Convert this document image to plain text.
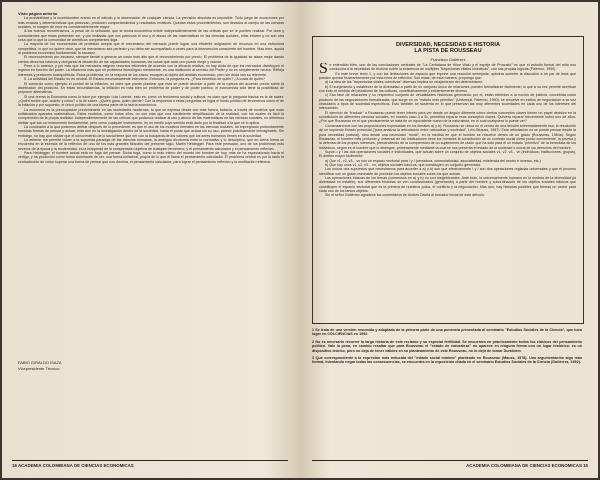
Visto página anterior

La probabilidad y la incertidumbre entran en el cálculo y la observación de cualquier ciencia. La previsión absoluta es imposible. Todo juego de ecuaciones por más exactas y determinísticas que parezcan, producen comportamientos y resultados erráticos. Quedan estos procedimientos, son llevados al campo de las ciencias sociales, el margen de error es considerablemente mayor.

A los buenos recorreríamos, a pesar de lo señalado, que la teoría económica existe independientemente de las críticas que se le pueden realizar. Por dura y contundentes que éstas pretenden ser, y por limitadas que nos parezcan el uso y el abuso de las matemáticas en las ciencias sociales, ellas existen y no son otra cosa que lo que la comunidad de científicos competentes diga.

La mayoría de los economistas de profesión acepta que el mecanismo del mercado puede lograr una eficiente asignación de recursos en una estructura competitiva, lo que no quiere decir, que tal mecanismo sea perfecto y no deba ser acompañado a veces para la intervención consciente del hombre. Más bien, ayuda al problema económico fundamental: la escasez.

El reconocimiento por escasez, siempre tiende a generar un costo más alto que el reconocimiento por precio. El problema de la igualdad se ataca mejor dando ciertos derechos básicos y otorgando al desarrollo de las capacidades humanas, las cosas que cada uno puede elegir y valorar.

Pese a lo anterior, y por más que los mercados asignen recursos eficientes de acuerdo con la eficacia relativa, no hay duda de que los mercados distribuyen el ingreso en función del poder. La eficiencia más que un problema tecnológico meramente, es una institución al servicio del Poder y no es simplemente neutra. Refleja intereses y presiones sociopolíticas. Estos problemas, en la mayoría de los casos, escapan al objeto del análisis económico, pero sin duda son su referente.

5. La actividad del Estado no es neutral. El Estado necesariamente interviene. Entonces, la pregunta es: ¿Para beneficio de quién? ¿A costa de quién?

El comercio como ejemplo el control de la inflación, es claro que puede plantear que ésta se puede abordar a partir de la ruptura del acuerdo previo sobre la distribución del producto. En estas circunstancias, la inflación es más bien un problema de poder y de poder político, el economista sólo tiene la posibilidad de proponer alternativas.

Si una crema la Economía como lo hace por ejemplo Luis Lorente, esto es, como un fenómeno social y cultural, es claro que la pregunta básica es la de saber: ¿Quién recibe qué, cuánto y cómo? o la de saber: ¿Quién gana, quién pierde? Con la respuesta a estas preguntas se logra el fondo político de fenómenos como el de la inflación y por supuesto, el único político de una buena parte de la teoría económica.

La economía es la preocupación predominante en las sociedades modernas, lo que se expresa desde con más fuerza, todavía, a través de modelos que usan sofisticados aparatos matemáticos. Estos modelos, como todos ellos, no son más que una insuficiente simplificación de la realidad, con los cuales es fácil la comprensión de la propia realidad. Independientemente de las críticas que podamos realizar al uso y abuso de las matemáticas en las ciencias sociales, no debemos olvidar que son un instrumento fundamental, pero como cualquier instrumento, es un medio cuyo sentido está dado por la finalidad a la que se lo aplica.

La conclusión a la que podemos arribar después de lo precedente, es que el uso de los modelos formales en las ciencias sociales, tal impregnado profundamente nuestras formas de pensar y actuar, más aún en la investigación dentro de la sociedad, hasta el punto que actuar sin su uso, parece prácticamente inimaginable. Sin embargo, no hay que olvidar que el conocimiento de lo social tiene que ver con la búsqueda de los valores que los seres humanos tienen en la sociedad.

Lo anterior me permite volver a la supuesta paradoja de las ciencias humanas, la ambigua dicotomía entre lo normativo y lo descriptivo, que en cierta forma se encuentra en la esencia de la reflexión de uno de los más grandes filósofos del presente siglo, Martin Heidegger. Para este pensador, uno de los problemas más severos de la época y la modernidad, es la búsqueda de la comprensión objetiva de cualquier fenómeno, y el pensamiento calculador y el pensamiento reflexivo.

Para Heidegger, el hombre actual está en fuga del pensar. Dicha fuga, como lo más íntimo del mundo del hombre de hoy, más se ha especializado hacia el vértigo, y ha producido como forma dominante de ver, una forma unilateral, propia de lo que él llama el pensamiento calculador. El problema central es por lo tanto la contradicción de cómo superar una forma de pensar que nos domina, el pensamiento calculador, para lograr el pensamiento reflexivo y la meditación reflexiva.

FABIO GIRALDO ISAZA
Vicepresidente Técnico
16 ACADEMIA COLOMBIANA DE CIENCIAS ECONOMICAS
DIVERSIDAD, NECESIDAD E HISTORIA
LA PISTA DE ROUSSEAU
Francisco Gutiérrez
S e entendido bien, uno de las conclusiones centrales de "La Cerbatana de Wine Walu y el espejo de Procusto" es que el estudio formal del mito nos conduciría a la necesidad de teorizar sobre la existencia de múltiples "trayectorias vitales colectivas", con sus propias lógicas (Palermo, 1990).

En este breve texto 1, y con las limitaciones de espacio que impone una reacción semejante, quisiera someter la discusión a un par de tesis que pueden quedar frustrantemente por esta línea de reflexión. Son estas, de esta manera, propongo que:

a) La idea de las "trayectorias vitales colectivas" diversas implica un relajamiento del determinismo.

b) El surgimiento y establecer de la diversidad a partir de un conjunto único de relaciones pueden formalizarse fácilmente; lo que a su vez permite acentuar con éxito el sentido del pluralismo de las culturas, constitutivamente y evidentemente diverso.

c) Esa fase de relaciones y su respectivo conjunto de virtualidades históricas generando por el, están referidos a la noción de justicia, concebida como producto de las negociaciones formalizadas, que surge en un "estado más primitivo" (Universal, Palermo, 1990), se resuelve en estilos de negociación a su vez vinculados a tipos de sociedad específicos. Esto también se sustenta en lo que preservan las muy diferentes sociedades en cada uno de los intereses del intercambio.

El ejercicio de "traducir" a Rousseau puede tener interés para ver desde un ángulo diferente cómo ciertos conceptos claves tienen un papel decisivo en la constitución de diferentes ciencias sociales, en nuestro caso 4 a 4c, permitiría reparar esos conceptos claves. Quisiera reparar brevemente sobre uno de ellos: ¿Por qué Rousseau en el que precisamente se trata de un equivalente nuevo de la naturaleza, en el cual cualquiera lo puede ver?

Comenzaremos con las proposiciones expresadas en los literales a) y b). Rousseau se ubica en el centro de una tensión extremadamente rica, la resolución de un supuesto Estado presocial ("para analizar la articulación entre naturaleza y sociedad", Lévi-Strauss, 1987). Esta articulación no se puede pensar desde la pura necesidad (natural), sino desde una necesidad "moral", en la medida en que el hombre se resuelve dentro de un grado (Rousseau, 1964a). Según Rousseau, el hombre más profundo y universal de las instituciones tiene los hombres la constitución de un contrato social cierto punto conveniente, la prueba y la defensa de los propios intereses, prescindiendo de la comprensión de un suplemento de razón que ha sido para él un estado "primitivo" de la inmediata de los individuos, según es el hombre que lo distingue, primeramente mediante la cual se nos presenta el estado de la sociedad o moral de los derechos del hombre.

Supón I y I las dos operaciones sociales e individuales, que actúan sobre un conjunto de objetos sociales v1, v2, v3... vn (individuos, instituciones, grupos). El ámbito mayor fácilmente:

a) Que v1, v2, v3... vn son un espacio vectorial para I y I (cerradura, conmutatividad, asociatividad, existencia del neutro e inverso, etc.)

b) Que hay unos v1, v2, v3... vn, objetos sociales básicos, que constituyen un conjunto generador.

Los únicos dos supuestos que necesitamos para acceder a a) y b) son que efectivamente I y I son dos operaciones regladas universales y que el proceso identificar con un grado razonable de precisión los objetos sociales sobre los que actúan.

Las operaciones básicas de los ternas (consensos en a) y b) no son insignificantes. Ante todo, lo universalmente humano en la medida de la diversidad (la diversidad es estable), sus diferentes historias se ven condicionados (generando) a partir del hombre y subordinación de los objetos sociales básicos que constituyen el espacio vectorial que es la primera de nuestros polos, el conflicto y la negociación. Más aún, hay historias posibles que formas un vector para cada uno de los tantos objetos.

Sin el señor Gutiérrez agradece los comentarios de Andrés Dávila al borrador inicial de este artículo.

1 Se trata de una versión resumida y adaptada de la primera parte de una ponencia presentada al seminario "Estudios Sociales de la Ciencia", que tuvo lugar en COLCIENCIAS en 1992.

2 No es necesario recorrer la larga historia de este reclamo y su especial fertilidad. Se encuentra en prácticamente todos los clásicos del pensamiento político. Vale la pena, en cambio resaltar que para Rousseau el "estado de naturaleza" no aparece en ninguna forma con un lugar histórico: es un dispositivo teórico, pero no deja de tener validez en su planteamiento de este Rousseau, no lo dejó de tomar Durkheim.

3 Que correspondiente a la expresión más reducida del "estado social mínimo" planteado en Rousseau (Mauss, 1978). Una argumentación algo más formal, intentando negar todas las consecuencias, se encuentra en la exposición citada en el seminario Estudios Sociales de la Ciencia (Gutiérrez, 1992).

ACADEMIA COLOMBIANA DE CIENCIAS ECONOMICAS 15
